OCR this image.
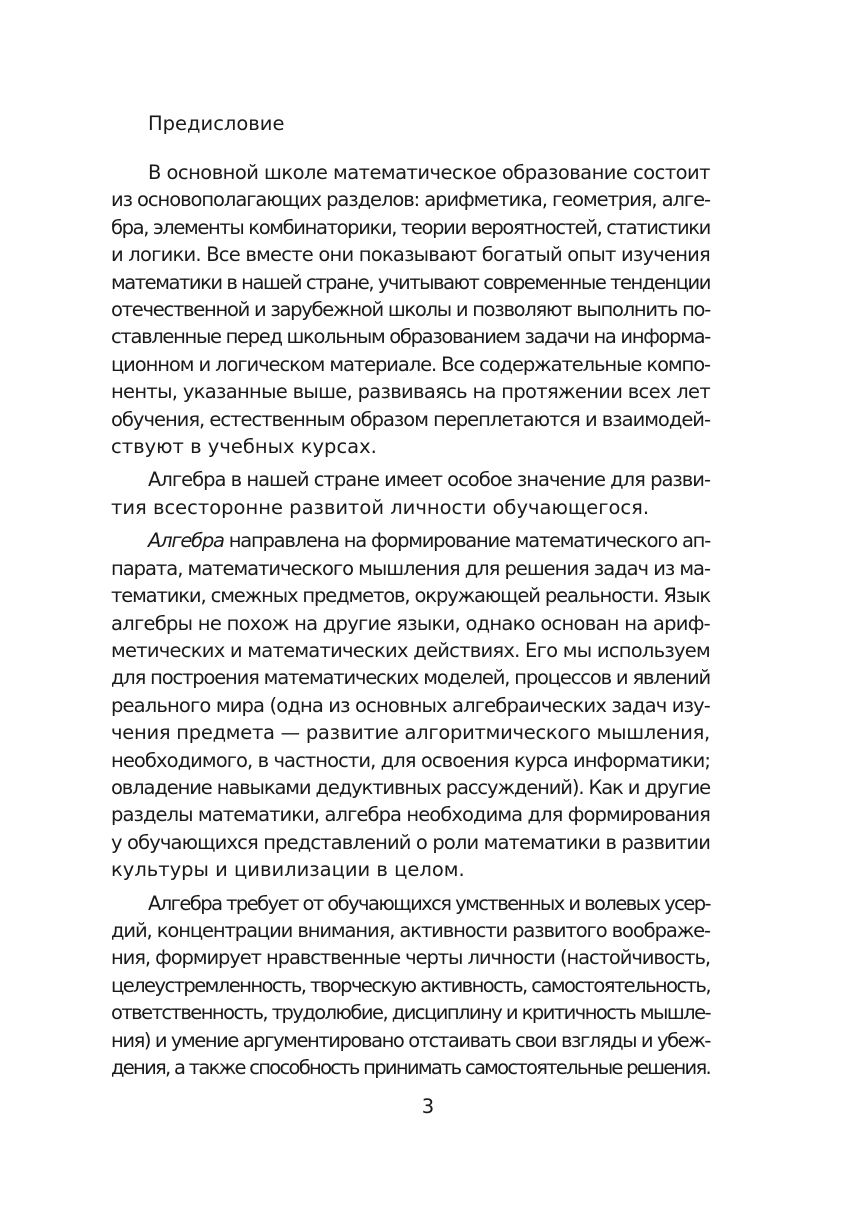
Предисловие

В основной школе математическое образование состоит
из основополагающих разделов: арифметика, геометрия, алге-
бра, элементы комбинаторики, теории вероятностей, статистики
и логики. Все вместе они показывают богатый опыт изучения
математики в нашей стране, учитывают современные тенденции
отечественной и зарубежной школы и позволяют выполнить по-
ставленные перед школьным образованием задачи на информа-
ционном и логическом материале. Все содержательные компо-
ненты, указанные выше, развиваясь на протяжении всех лет
обучения, естественным образом переплетаются и взаимодей-
ствуют в учебных курсах.

Алгебра в нашей стране имеет особое значение для разви-
тия всесторонне развитой личности обучающегося.

Алгебра направлена на формирование математического ап-
парата, математического мышления для решения задач из ма-
тематики, смежных предметов, окружающей реальности. Язык
алгебры не похож на другие языки, однако основан на ариф-
метических и математических действиях. Его мы используем
для построения математических моделей, процессов и явлений
реального мира (одна из основных алгебраических задач изу-
чения предмета — развитие алгоритмического мышления,
необходимого, в частности, для освоения курса информатики;
овладение навыками дедуктивных рассуждений). Как и другие
разделы математики, алгебра необходима для формирования
у обучающихся представлений о роли математики в развитии
культуры и цивилизации в целом.

Алгебра требует от обучающихся умственных и волевых усер-
дий, концентрации внимания, активности развитого воображе-
ния, формирует нравственные черты личности (настойчивость,
целеустремленность, творческую активность, самостоятельность,
ответственность, трудолюбие, дисциплину и критичность мышле-
ния) и умение аргументировано отстаивать свои взгляды и убеж-
дения, а также способность принимать самостоятельные решения.

3
